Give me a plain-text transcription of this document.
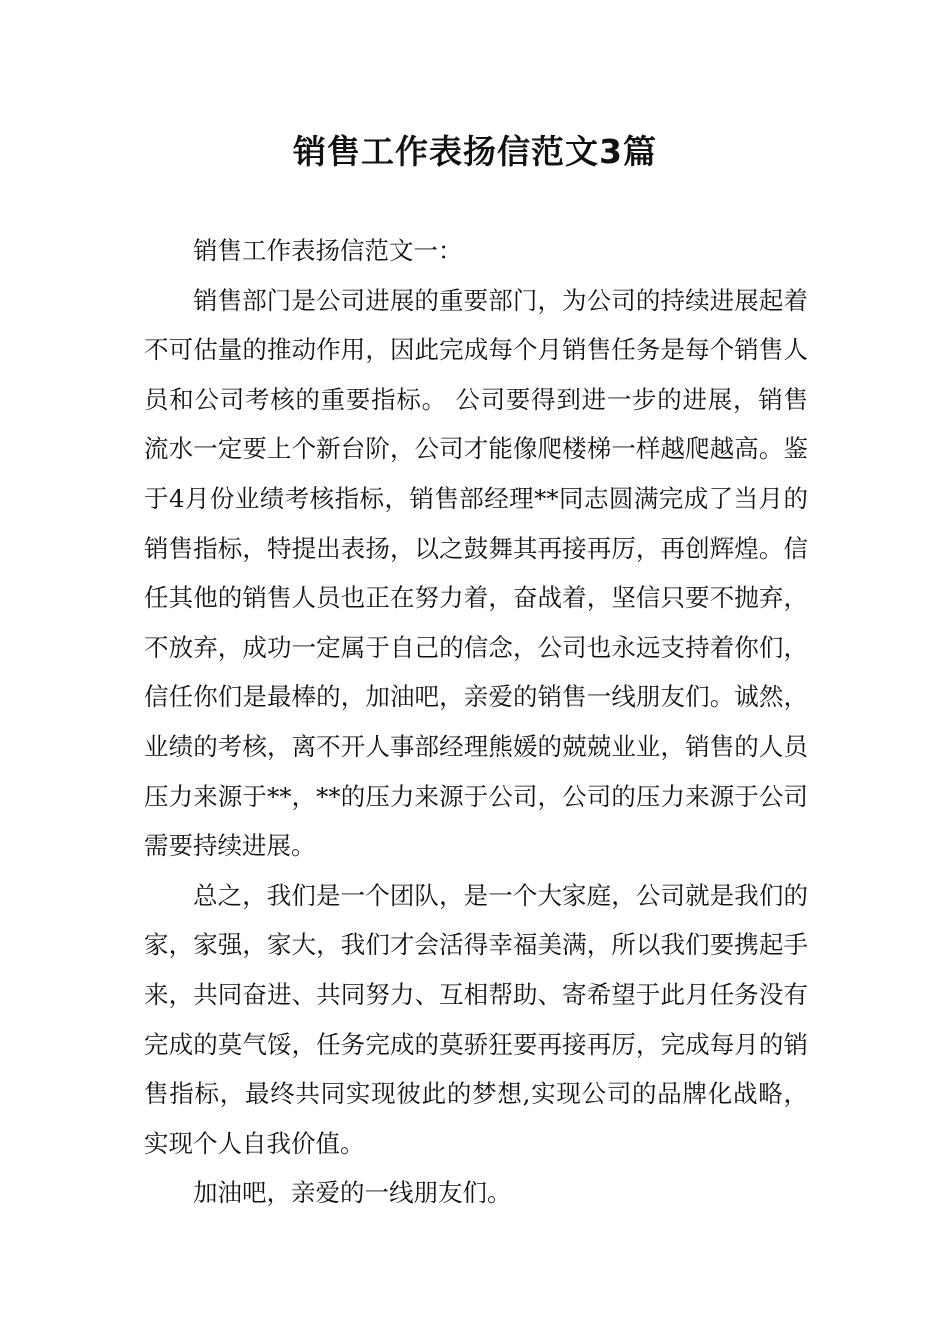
销售工作表扬信范文3篇

销售工作表扬信范文一：

销售部门是公司进展的重要部门，为公司的持续进展起着不可估量的推动作用，因此完成每个月销售任务是每个销售人员和公司考核的重要指标。 公司要得到进一步的进展，销售流水一定要上个新台阶，公司才能像爬楼梯一样越爬越高。鉴于4月份业绩考核指标，销售部经理**同志圆满完成了当月的销售指标，特提出表扬，以之鼓舞其再接再厉，再创辉煌。信任其他的销售人员也正在努力着，奋战着，坚信只要不抛弃，不放弃，成功一定属于自己的信念，公司也永远支持着你们，信任你们是最棒的，加油吧，亲爱的销售一线朋友们。诚然，业绩的考核，离不开人事部经理熊媛的兢兢业业，销售的人员压力来源于**，**的压力来源于公司，公司的压力来源于公司需要持续进展。

总之，我们是一个团队，是一个大家庭，公司就是我们的家，家强，家大，我们才会活得幸福美满，所以我们要携起手来，共同奋进、共同努力、互相帮助、寄希望于此月任务没有完成的莫气馁，任务完成的莫骄狂要再接再厉，完成每月的销售指标，最终共同实现彼此的梦想,实现公司的品牌化战略，实现个人自我价值。

加油吧，亲爱的一线朋友们。
